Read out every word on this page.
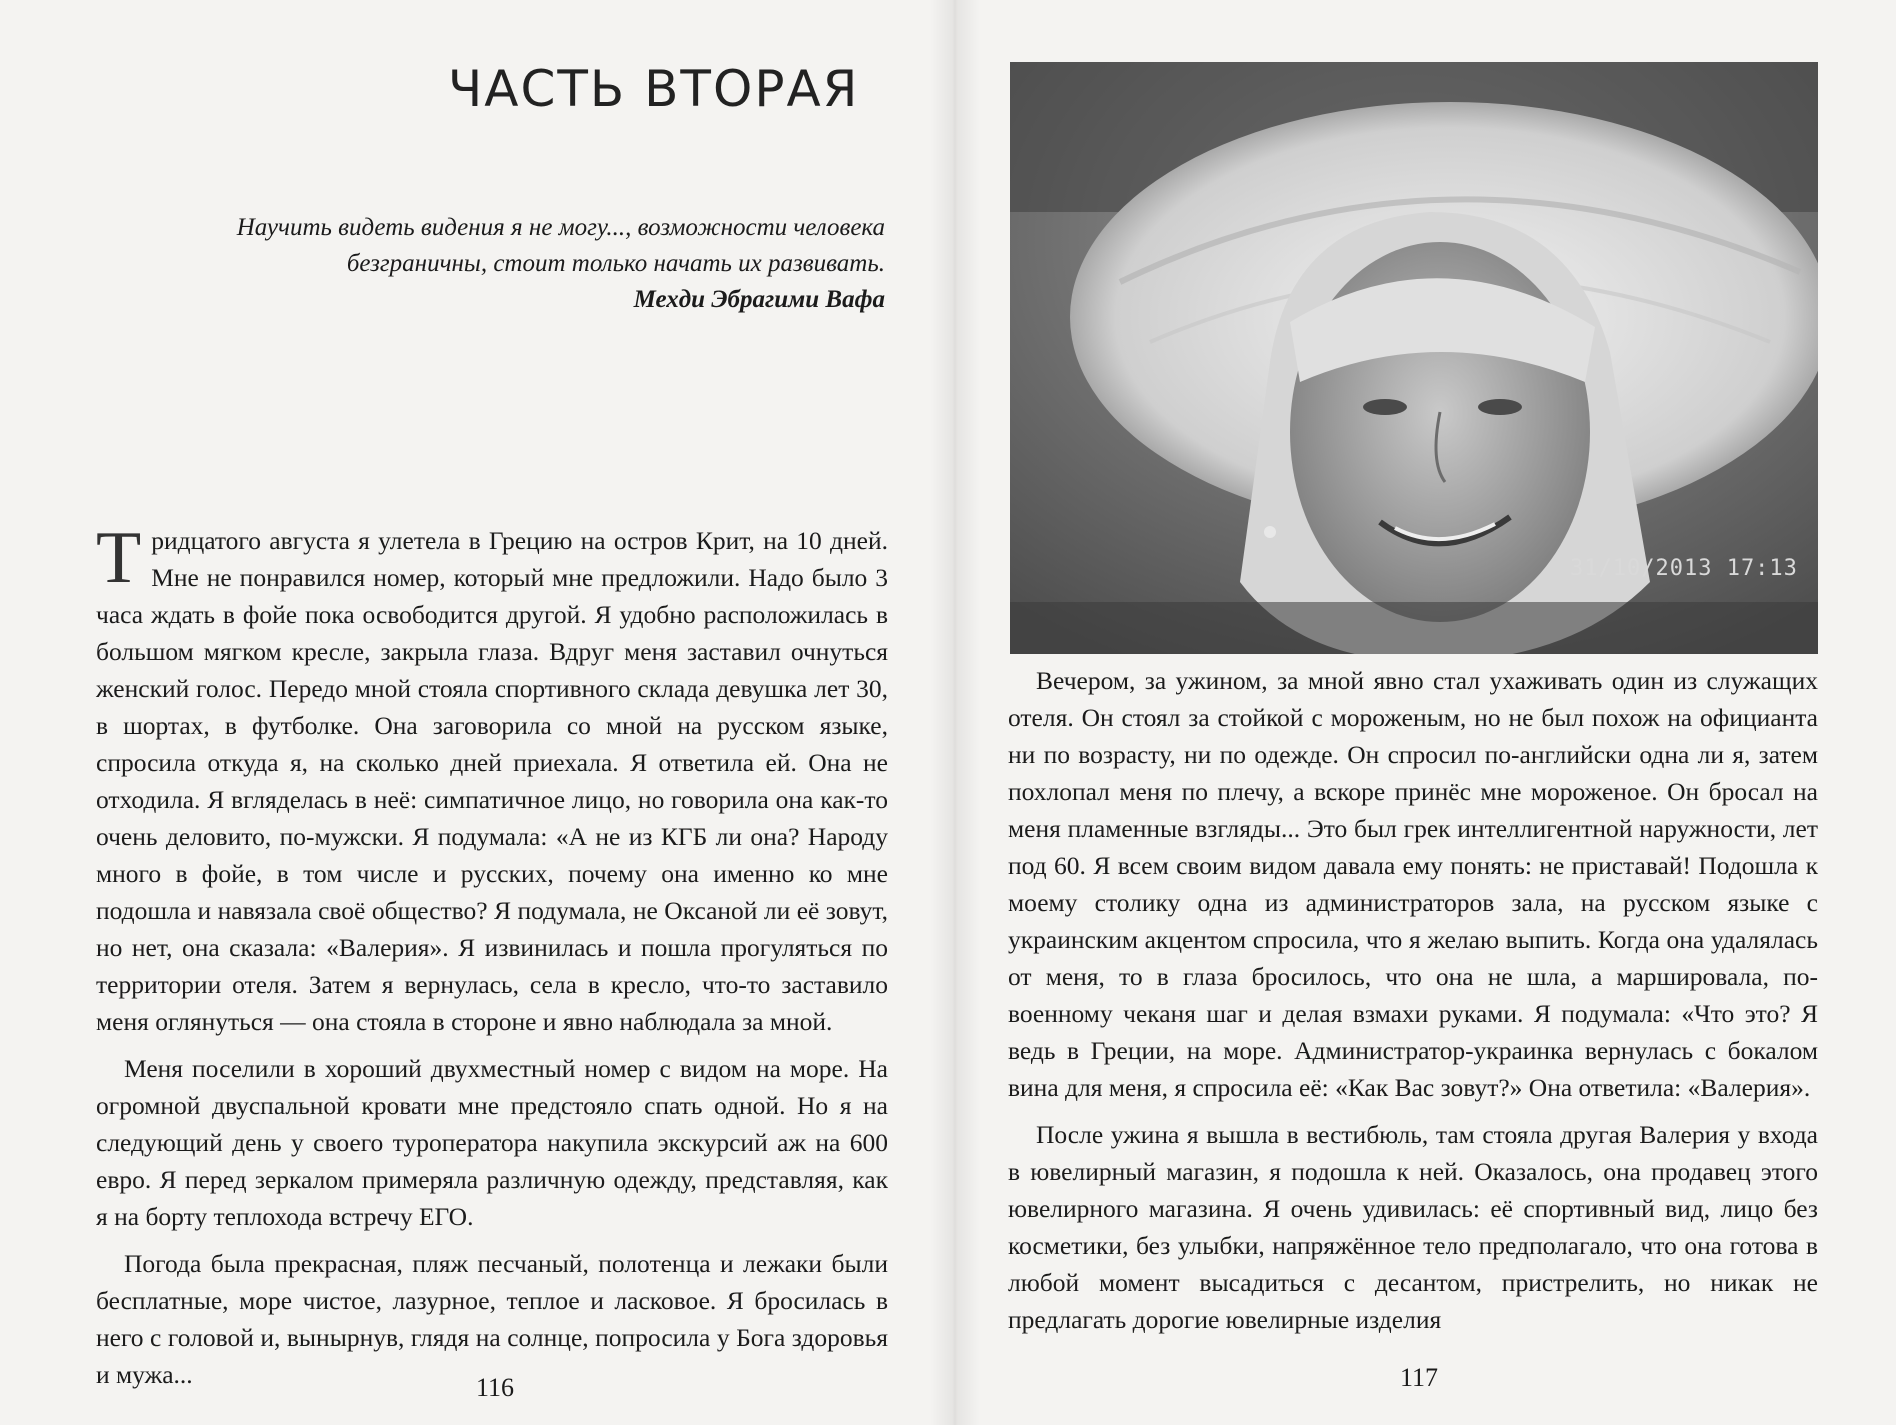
ЧАСТЬ ВТОРАЯ

Научить видеть видения я не могу..., возможности человека

безграничны, стоит только начать их развивать.

Мехди Эбрагими Вафа

Тридцатого августа я улетела в Грецию на остров Крит, на 10 дней. Мне не понравился номер, который мне предложили. Надо было 3 часа ждать в фойе пока освободится другой. Я удобно расположилась в большом мягком кресле, закрыла глаза. Вдруг меня заставил очнуться женский голос. Передо мной стояла спортивного склада девушка лет 30, в шортах, в футболке. Она заговорила со мной на русском языке, спросила откуда я, на сколько дней приехала. Я ответила ей. Она не отходила. Я вгляделась в неё: симпатичное лицо, но говорила она как-то очень деловито, по-мужски. Я подумала: «А не из КГБ ли она? Народу много в фойе, в том числе и русских, почему она именно ко мне подошла и навязала своё общество? Я подумала, не Оксаной ли её зовут, но нет, она сказала: «Валерия». Я извинилась и пошла прогуляться по территории отеля. Затем я вернулась, села в кресло, что-то заставило меня оглянуться — она стояла в стороне и явно наблюдала за мной.

Меня поселили в хороший двухместный номер с видом на море. На огромной двуспальной кровати мне предстояло спать одной. Но я на следующий день у своего туроператора накупила экскурсий аж на 600 евро. Я перед зеркалом примеряла различную одежду, представляя, как я на борту теплохода встречу ЕГО.

Погода была прекрасная, пляж песчаный, полотенца и лежаки были бесплатные, море чистое, лазурное, теплое и ласковое. Я бросилась в него с головой и, вынырнув, глядя на солнце, попросила у Бога здоровья и мужа...	116
31/10/2013 17:13

Вечером, за ужином, за мной явно стал ухаживать один из служащих отеля. Он стоял за стойкой с мороженым, но не был похож на официанта ни по возрасту, ни по одежде. Он спросил по-английски одна ли я, затем похлопал меня по плечу, а вскоре принёс мне мороженое. Он бросал на меня пламенные взгляды... Это был грек интеллигентной наружности, лет под 60. Я всем своим видом давала ему понять: не приставай! Подошла к моему столику одна из администраторов зала, на русском языке с украинским акцентом спросила, что я желаю выпить. Когда она удалялась от меня, то в глаза бросилось, что она не шла, а маршировала, по-военному чеканя шаг и делая взмахи руками. Я подумала: «Что это? Я ведь в Греции, на море. Администратор-украинка вернулась с бокалом вина для меня, я спросила её: «Как Вас зовут?» Она ответила: «Валерия».

После ужина я вышла в вестибюль, там стояла другая Валерия у входа в ювелирный магазин, я подошла к ней. Оказалось, она продавец этого ювелирного магазина. Я очень удивилась: её спортивный вид, лицо без косметики, без улыбки, напряжённое тело предполагало, что она готова в любой момент высадиться с десантом, пристрелить, но никак не предлагать дорогие ювелирные изделия

117
